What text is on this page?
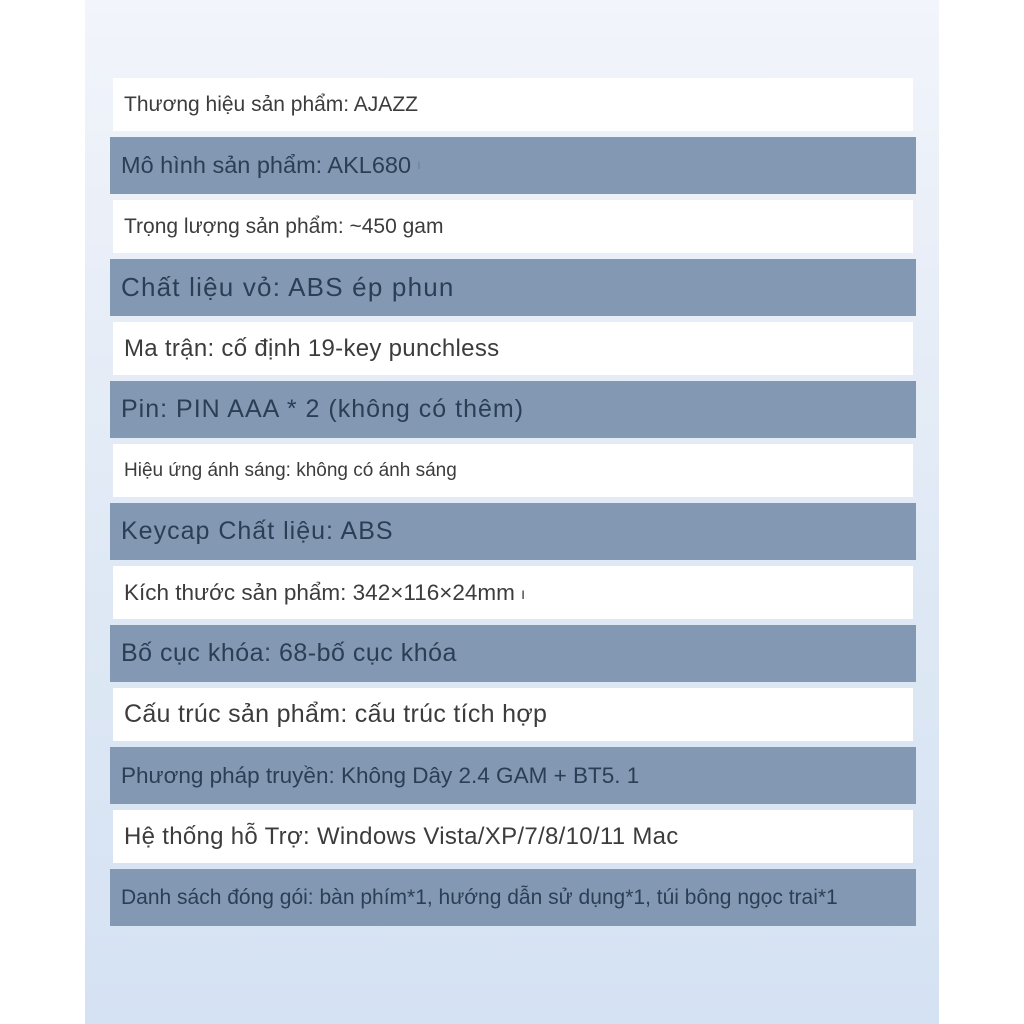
Thương hiệu sản phẩm: AJAZZ
Mô hình sản phẩm: AKL680 ı
Trọng lượng sản phẩm: ~450 gam
Chất liệu vỏ: ABS ép phun
Ma trận: cố định 19-key punchless
Pin: PIN AAA * 2 (không có thêm)
Hiệu ứng ánh sáng: không có ánh sáng
Keycap Chất liệu: ABS
Kích thước sản phẩm: 342×116×24mm ı
Bố cục khóa: 68-bố cục khóa
Cấu trúc sản phẩm: cấu trúc tích hợp
Phương pháp truyền: Không Dây 2.4 GAM + BT5. 1
Hệ thống hỗ Trợ: Windows Vista/XP/7/8/10/11 Mac
Danh sách đóng gói: bàn phím*1, hướng dẫn sử dụng*1, túi bông ngọc trai*1
